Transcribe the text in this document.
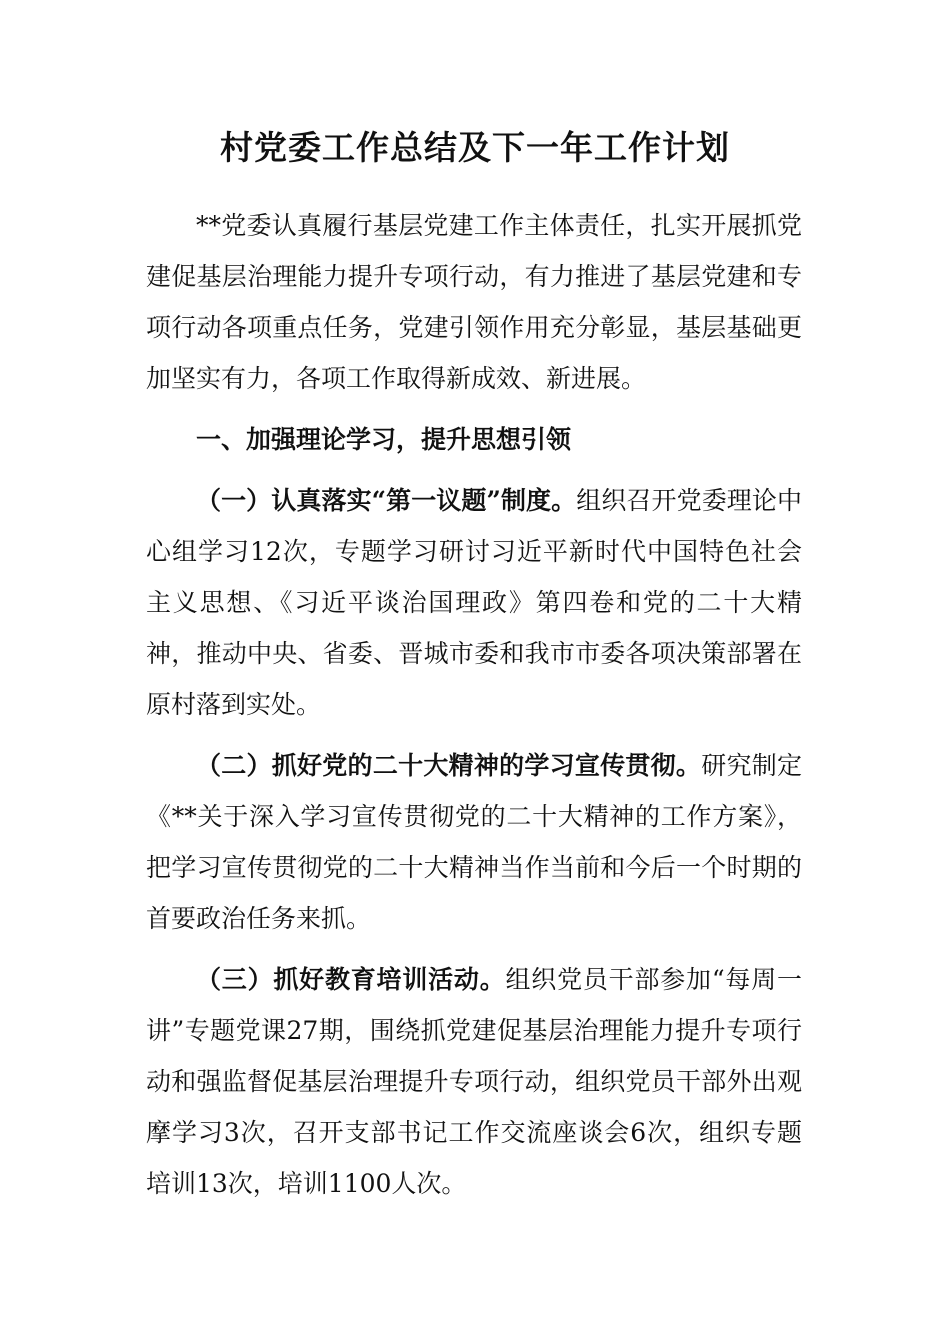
村党委工作总结及下一年工作计划

**党委认真履行基层党建工作主体责任，扎实开展抓党建促基层治理能力提升专项行动，有力推进了基层党建和专项行动各项重点任务，党建引领作用充分彰显，基层基础更加坚实有力，各项工作取得新成效、新进展。

一、加强理论学习，提升思想引领

（一）认真落实“第一议题”制度。组织召开党委理论中心组学习12次，专题学习研讨习近平新时代中国特色社会主义思想、《习近平谈治国理政》第四卷和党的二十大精神，推动中央、省委、晋城市委和我市市委各项决策部署在原村落到实处。

（二）抓好党的二十大精神的学习宣传贯彻。研究制定《**关于深入学习宣传贯彻党的二十大精神的工作方案》，把学习宣传贯彻党的二十大精神当作当前和今后一个时期的首要政治任务来抓。

（三）抓好教育培训活动。组织党员干部参加“每周一讲”专题党课27期，围绕抓党建促基层治理能力提升专项行动和强监督促基层治理提升专项行动，组织党员干部外出观摩学习3次，召开支部书记工作交流座谈会6次，组织专题培训13次，培训1100人次。
